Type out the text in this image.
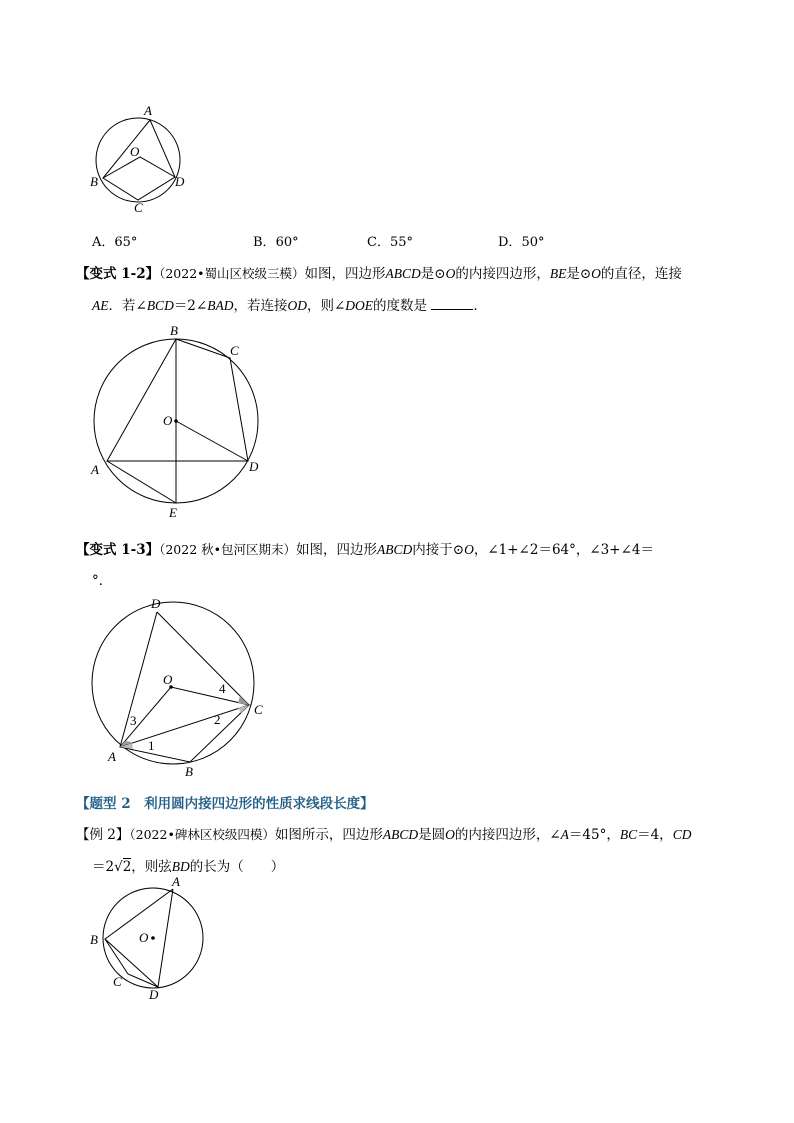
A
O
B	D
C
A．65°	B．60°	C．55°	D．50°
【变式 1-2】（2022•蜀山区校级三模）如图，四边形ABCD是⊙O的内接四边形，BE是⊙O的直径，连接
AE．若∠BCD＝2∠BAD，若连接OD，则∠DOE的度数是	．
B
C
O
A	D
E
【变式 1-3】（2022 秋•包河区期末）如图，四边形ABCD内接于⊙O，∠1+∠2＝64°，∠3+∠4＝
°．
D
O
4
C
3	2
1
A
B
【题型 2　利用圆内接四边形的性质求线段长度】
【例 2】（2022•碑林区校级四模）如图所示，四边形ABCD是圆O的内接四边形，∠A＝45°，BC＝4，CD
＝2√2，则弦BD的长为（　　）
A
O
B
C
D
